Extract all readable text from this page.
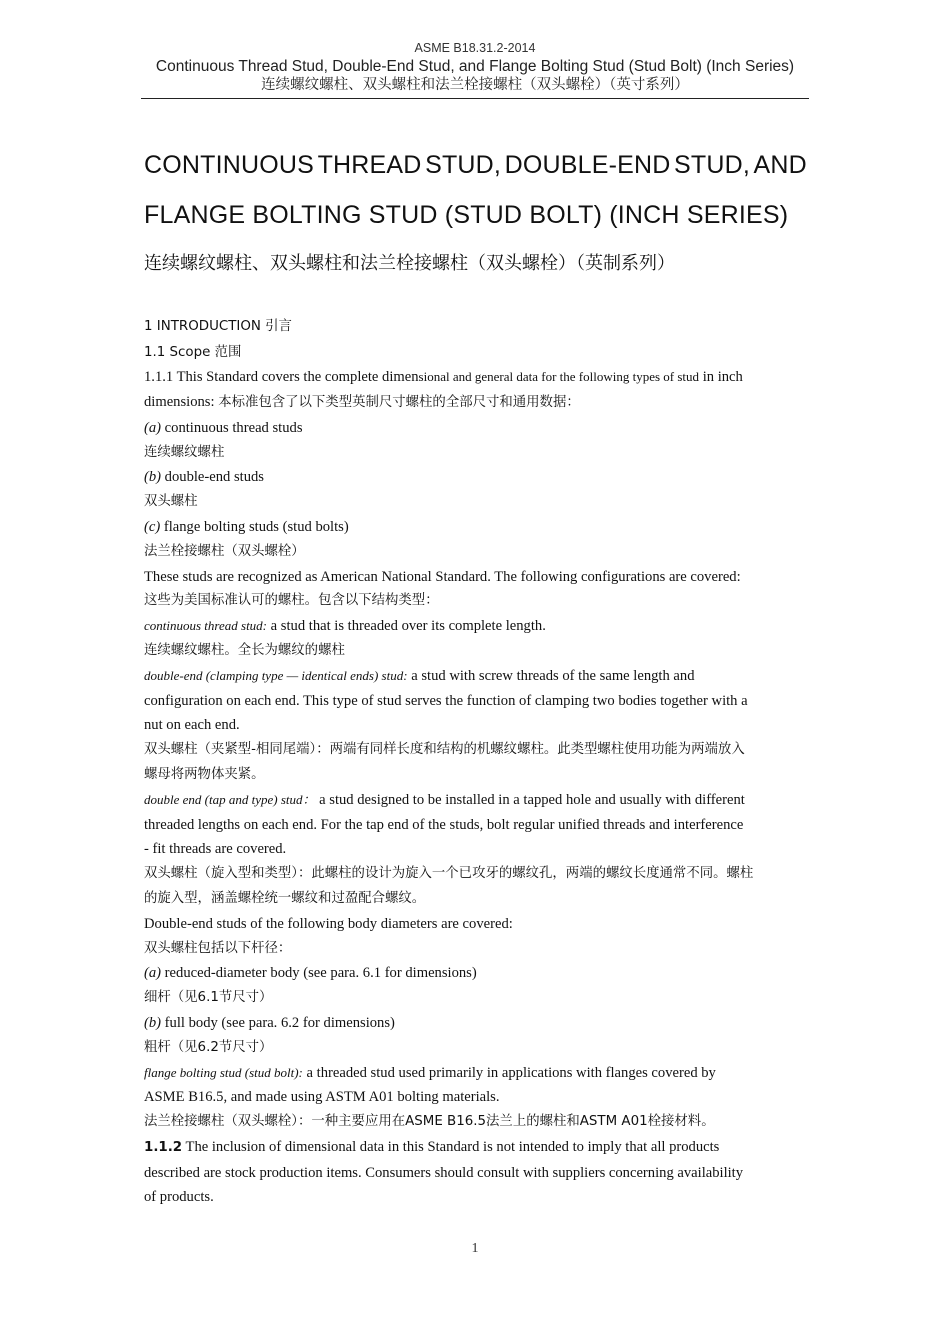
ASME B18.31.2-2014
Continuous Thread Stud, Double-End Stud, and Flange Bolting Stud (Stud Bolt) (Inch Series)
连续螺纹螺柱、双头螺柱和法兰栓接螺柱（双头螺栓）（英寸系列）
CONTINUOUS THREAD STUD, DOUBLE-END STUD, AND
FLANGE BOLTING STUD (STUD BOLT) (INCH SERIES)
连续螺纹螺柱、双头螺柱和法兰栓接螺柱（双头螺栓）（英制系列）

1 INTRODUCTION 引言

1.1 Scope 范围

1.1.1 This Standard covers the complete dimensional and general data for the following types of stud in inch

dimensions: 本标准包含了以下类型英制尺寸螺柱的全部尺寸和通用数据：

(a) continuous thread studs

连续螺纹螺柱

(b) double-end studs

双头螺柱

(c) flange bolting studs (stud bolts)

法兰栓接螺柱（双头螺栓）

These studs are recognized as American National Standard. The following configurations are covered:

这些为美国标准认可的螺柱。包含以下结构类型：

continuous thread stud: a stud that is threaded over its complete length.

连续螺纹螺柱。全长为螺纹的螺柱

double-end (clamping type — identical ends) stud: a stud with screw threads of the same length and

configuration on each end. This type of stud serves the function of clamping two bodies together with a

nut on each end.

双头螺柱（夹紧型-相同尾端）：两端有同样长度和结构的机螺纹螺柱。此类型螺柱使用功能为两端放入

螺母将两物体夹紧。

double end (tap and type) stud： a stud designed to be installed in a tapped hole and usually with different

threaded lengths on each end. For the tap end of the studs, bolt regular unified threads and interference

- fit threads are covered.

双头螺柱（旋入型和类型）：此螺柱的设计为旋入一个已攻牙的螺纹孔，两端的螺纹长度通常不同。螺柱

的旋入型，涵盖螺栓统一螺纹和过盈配合螺纹。

Double-end studs of the following body diameters are covered:

双头螺柱包括以下杆径：

(a) reduced-diameter body (see para. 6.1 for dimensions)

细杆（见6.1节尺寸）

(b) full body (see para. 6.2 for dimensions)

粗杆（见6.2节尺寸）

flange bolting stud (stud bolt): a threaded stud used primarily in applications with flanges covered by

ASME B16.5, and made using ASTM A01 bolting materials.

法兰栓接螺柱（双头螺栓）：一种主要应用在ASME B16.5法兰上的螺柱和ASTM A01栓接材料。

1.1.2 The inclusion of dimensional data in this Standard is not intended to imply that all products

described are stock production items. Consumers should consult with suppliers concerning availability

of products.

1
